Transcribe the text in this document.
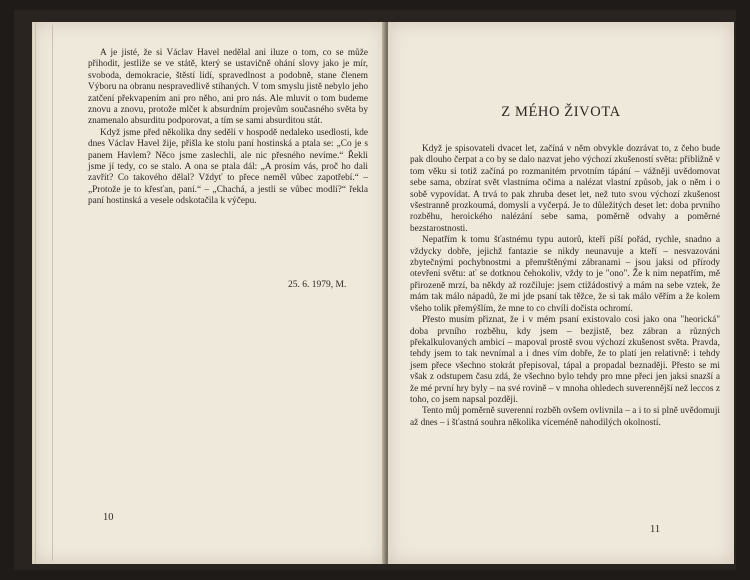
A je jisté, že si Václav Havel nedělal ani iluze o tom, co se může přihodit, jestliže se ve státě, který se ustavičně ohání slovy jako je mír, svoboda, demokracie, štěstí lidí, spravedlnost a podobně, stane členem Výboru na obranu nespravedlivě stíhaných. V tom smyslu jistě nebylo jeho zatčení překvapením ani pro něho, ani pro nás. Ale mluvit o tom budeme znovu a znovu, protože mlčet k absurdním projevům současného světa by znamenalo absurditu podporovat, a tím se sami absurditou stát.

Když jsme před několika dny seděli v hospodě nedaleko usedlosti, kde dnes Václav Havel žije, přišla ke stolu paní hostinská a ptala se: „Co je s panem Havlem? Něco jsme zaslechli, ale nic přesného nevíme.“ Řekli jsme jí tedy, co se stalo. A ona se ptala dál: „A prosím vás, proč ho dali zavřít? Co takového dělal? Vždyť to přece neměl vůbec zapotřebí.“ – „Protože je to křesťan, paní.“ – „Chachá, a jestli se vůbec modlí?“ řekla paní hostinská a vesele odskotačila k výčepu.

25. 6. 1979, M.
10
Z MÉHO ŽIVOTA

Když je spisovateli dvacet let, začíná v něm obvykle dozrávat to, z čeho bude pak dlouho čerpat a co by se dalo nazvat jeho výchozí zkušeností světa: přibližně v tom věku si totiž začíná po rozmanitém prvotním tápání – vážněji uvědomovat sebe sama, obzírat svět vlastníma očima a nalézat vlastní způsob, jak o něm i o sobě vypovídat. A trvá to pak zhruba deset let, než tuto svou výchozí zkušenost všestranně prozkoumá, domyslí a vyčerpá. Je to důležitých deset let: doba prvního rozběhu, heroického nalézání sebe sama, poměrně odvahy a poměrné bezstarostnosti.

Nepatřím k tomu šťastnému typu autorů, kteří píší pořád, rychle, snadno a vždycky dobře, jejichž fantazie se nikdy neunavuje a kteří – nesvazováni zbytečnými pochybnostmi a přemrštěnými zábranami – jsou jaksi od přírody otevřeni světu: ať se dotknou čehokoliv, vždy to je "ono". Že k nim nepatřím, mě přirozeně mrzí, ba někdy až rozčiluje: jsem ctižádostivý a mám na sebe vztek, že mám tak málo nápadů, že mi jde psaní tak těžce, že si tak málo věřím a že kolem všeho tolik přemýšlím, že mne to co chvíli dočista ochromí.

Přesto musím přiznat, že i v mém psaní existovalo cosi jako ona "heorická" doba prvního rozběhu, kdy jsem – bezjistě, bez zábran a různých překalkulovaných ambicí – mapoval prostě svou výchozí zkušenost světa. Pravda, tehdy jsem to tak nevnímal a i dnes vím dobře, že to platí jen relativně: i tehdy jsem přece všechno stokrát přepisoval, tápal a propadal beznaději. Přesto se mi však z odstupem času zdá, že všechno bylo tehdy pro mne přeci jen jaksi snazší a že mé první hry byly – na své rovině – v mnoha ohledech suverennější než leccos z toho, co jsem napsal později.

Tento můj poměrně suverenní rozběh ovšem ovlivnila – a i to si plně uvědomuji až dnes – i šťastná souhra několika víceméně nahodilých okolností.

11
